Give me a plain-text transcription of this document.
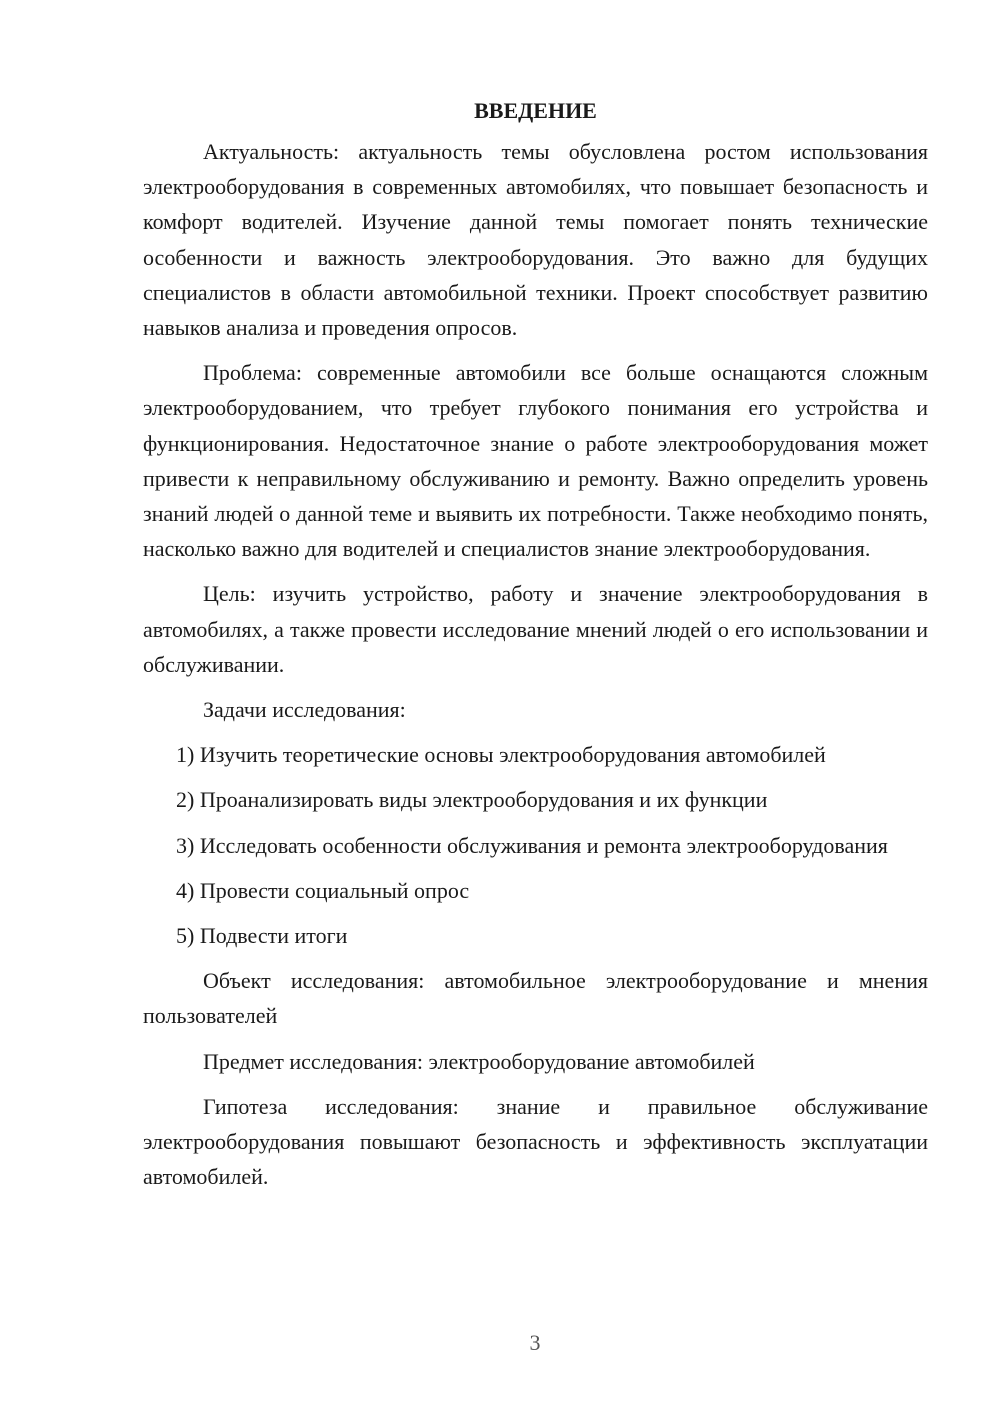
ВВЕДЕНИЕ

Актуальность: актуальность темы обусловлена ростом использования электрооборудования в современных автомобилях, что повышает безопасность и комфорт водителей. Изучение данной темы помогает понять технические особенности и важность электрооборудования. Это важно для будущих специалистов в области автомобильной техники. Проект способствует развитию навыков анализа и проведения опросов.

Проблема: современные автомобили все больше оснащаются сложным электрооборудованием, что требует глубокого понимания его устройства и функционирования. Недостаточное знание о работе электрооборудования может привести к неправильному обслуживанию и ремонту. Важно определить уровень знаний людей о данной теме и выявить их потребности. Также необходимо понять, насколько важно для водителей и специалистов знание электрооборудования.

Цель: изучить устройство, работу и значение электрооборудования в автомобилях, а также провести исследование мнений людей о его использовании и обслуживании.

Задачи исследования:

1) Изучить теоретические основы электрооборудования автомобилей

2) Проанализировать виды электрооборудования и их функции

3) Исследовать особенности обслуживания и ремонта электрооборудования

4) Провести социальный опрос

5) Подвести итоги

Объект исследования: автомобильное электрооборудование и мнения пользователей

Предмет исследования: электрооборудование автомобилей

Гипотеза исследования: знание и правильное обслуживание электрооборудования повышают безопасность и эффективность эксплуатации автомобилей.

3
